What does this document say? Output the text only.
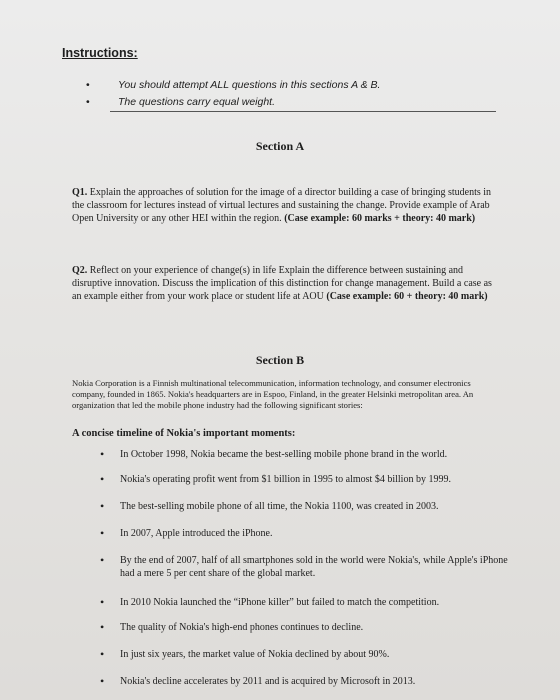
Instructions:
•	You should attempt ALL questions in this sections A & B.
•	The questions carry equal weight.
Section A
Q1. Explain the approaches of solution for the image of a director building a case of bringing students in the classroom for lectures instead of virtual lectures and sustaining the change. Provide example of Arab Open University or any other HEI within the region. (Case example: 60 marks + theory: 40 mark)
Q2. Reflect on your experience of change(s) in life Explain the difference between sustaining and disruptive innovation. Discuss the implication of this distinction for change management. Build a case as an example either from your work place or student life at AOU (Case example: 60 + theory: 40 mark)
Section B
Nokia Corporation is a Finnish multinational telecommunication, information technology, and consumer electronics company, founded in 1865. Nokia's headquarters are in Espoo, Finland, in the greater Helsinki metropolitan area. An organization that led the mobile phone industry had the following significant stories:
A concise timeline of Nokia's important moments:
• In October 1998, Nokia became the best-selling mobile phone brand in the world.
• Nokia's operating profit went from $1 billion in 1995 to almost $4 billion by 1999.
• The best-selling mobile phone of all time, the Nokia 1100, was created in 2003.
• In 2007, Apple introduced the iPhone.
• By the end of 2007, half of all smartphones sold in the world were Nokia's, while Apple's iPhone had a mere 5 per cent share of the global market.
• In 2010 Nokia launched the “iPhone killer” but failed to match the competition.
• The quality of Nokia's high-end phones continues to decline.
• In just six years, the market value of Nokia declined by about 90%.
• Nokia's decline accelerates by 2011 and is acquired by Microsoft in 2013.
